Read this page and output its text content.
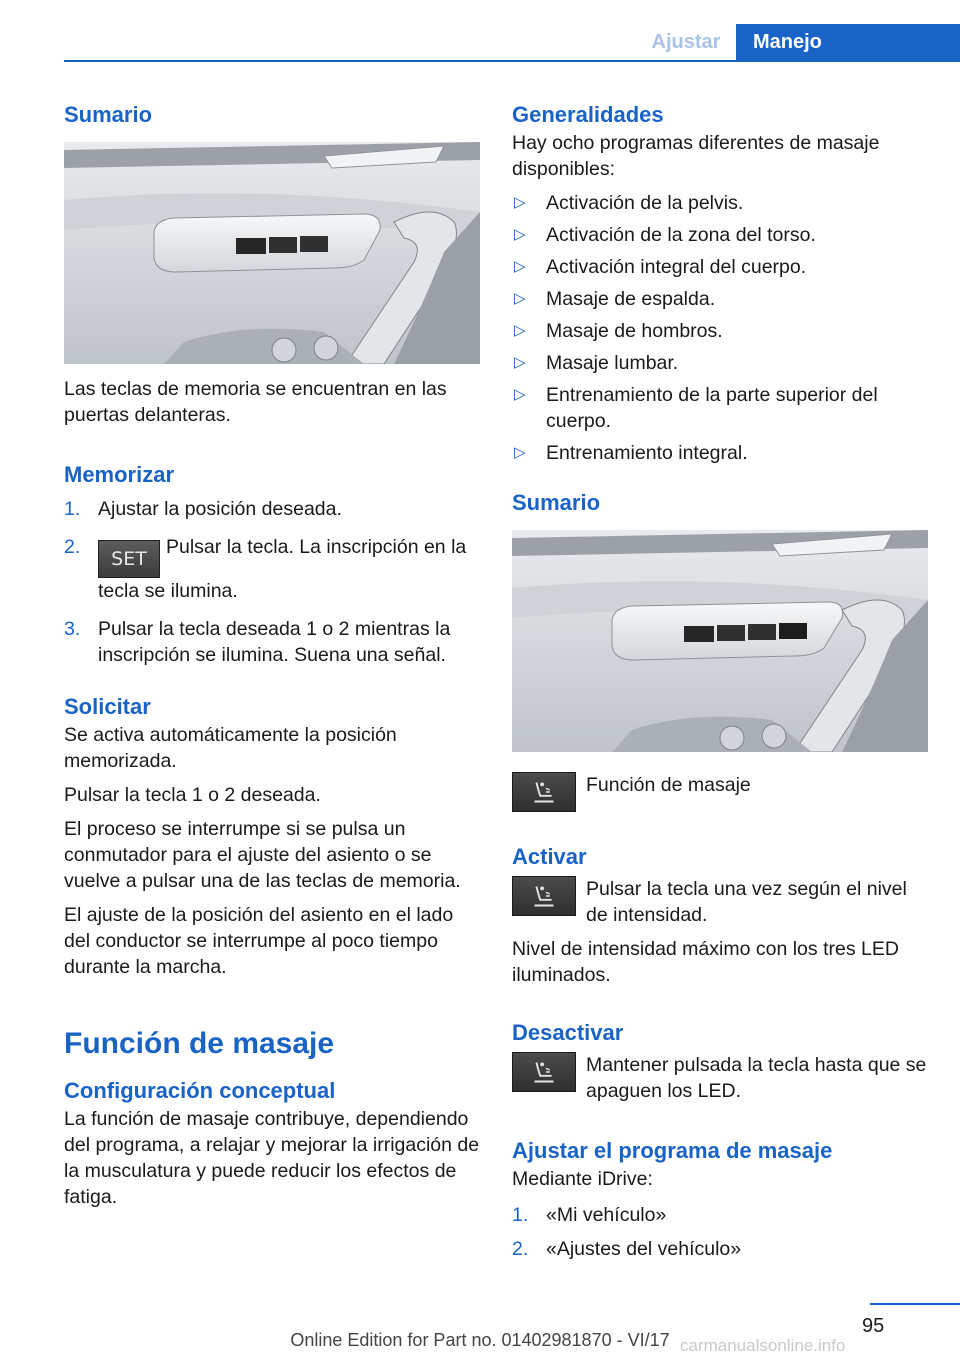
Ajustar	Manejo
Sumario

Las teclas de memoria se encuentran en las puertas delanteras.

Memorizar
1. Ajustar la posición deseada.
2.
SETPulsar la tecla. La inscripción en la tecla se ilumina.
3. Pulsar la tecla deseada 1 o 2 mientras la inscripción se ilumina. Suena una señal.
Solicitar

Se activa automáticamente la posición memorizada.

Pulsar la tecla 1 o 2 deseada.

El proceso se interrumpe si se pulsa un conmutador para el ajuste del asiento o se vuelve a pulsar una de las teclas de memoria.

El ajuste de la posición del asiento en el lado del conductor se interrumpe al poco tiempo durante la marcha.

Función de masaje
Configuración conceptual

La función de masaje contribuye, dependiendo del programa, a relajar y mejorar la irrigación de la musculatura y puede reducir los efectos de fatiga.

Generalidades

Hay ocho programas diferentes de masaje disponibles:

▷ Activación de la pelvis.
▷ Activación de la zona del torso.
▷ Activación integral del cuerpo.
▷ Masaje de espalda.
▷ Masaje de hombros.
▷ Masaje lumbar.
▷ Entrenamiento de la parte superior del cuerpo.
▷ Entrenamiento integral.
Sumario

Función de masaje

Activar

Pulsar la tecla una vez según el nivel de intensidad.

Nivel de intensidad máximo con los tres LED iluminados.

Desactivar

Mantener pulsada la tecla hasta que se apaguen los LED.

Ajustar el programa de masaje

Mediante iDrive:

1. «Mi vehículo»
2. «Ajustes del vehículo»
95
Online Edition for Part no. 01402981870 - VI/17 carmanualsonline.info
